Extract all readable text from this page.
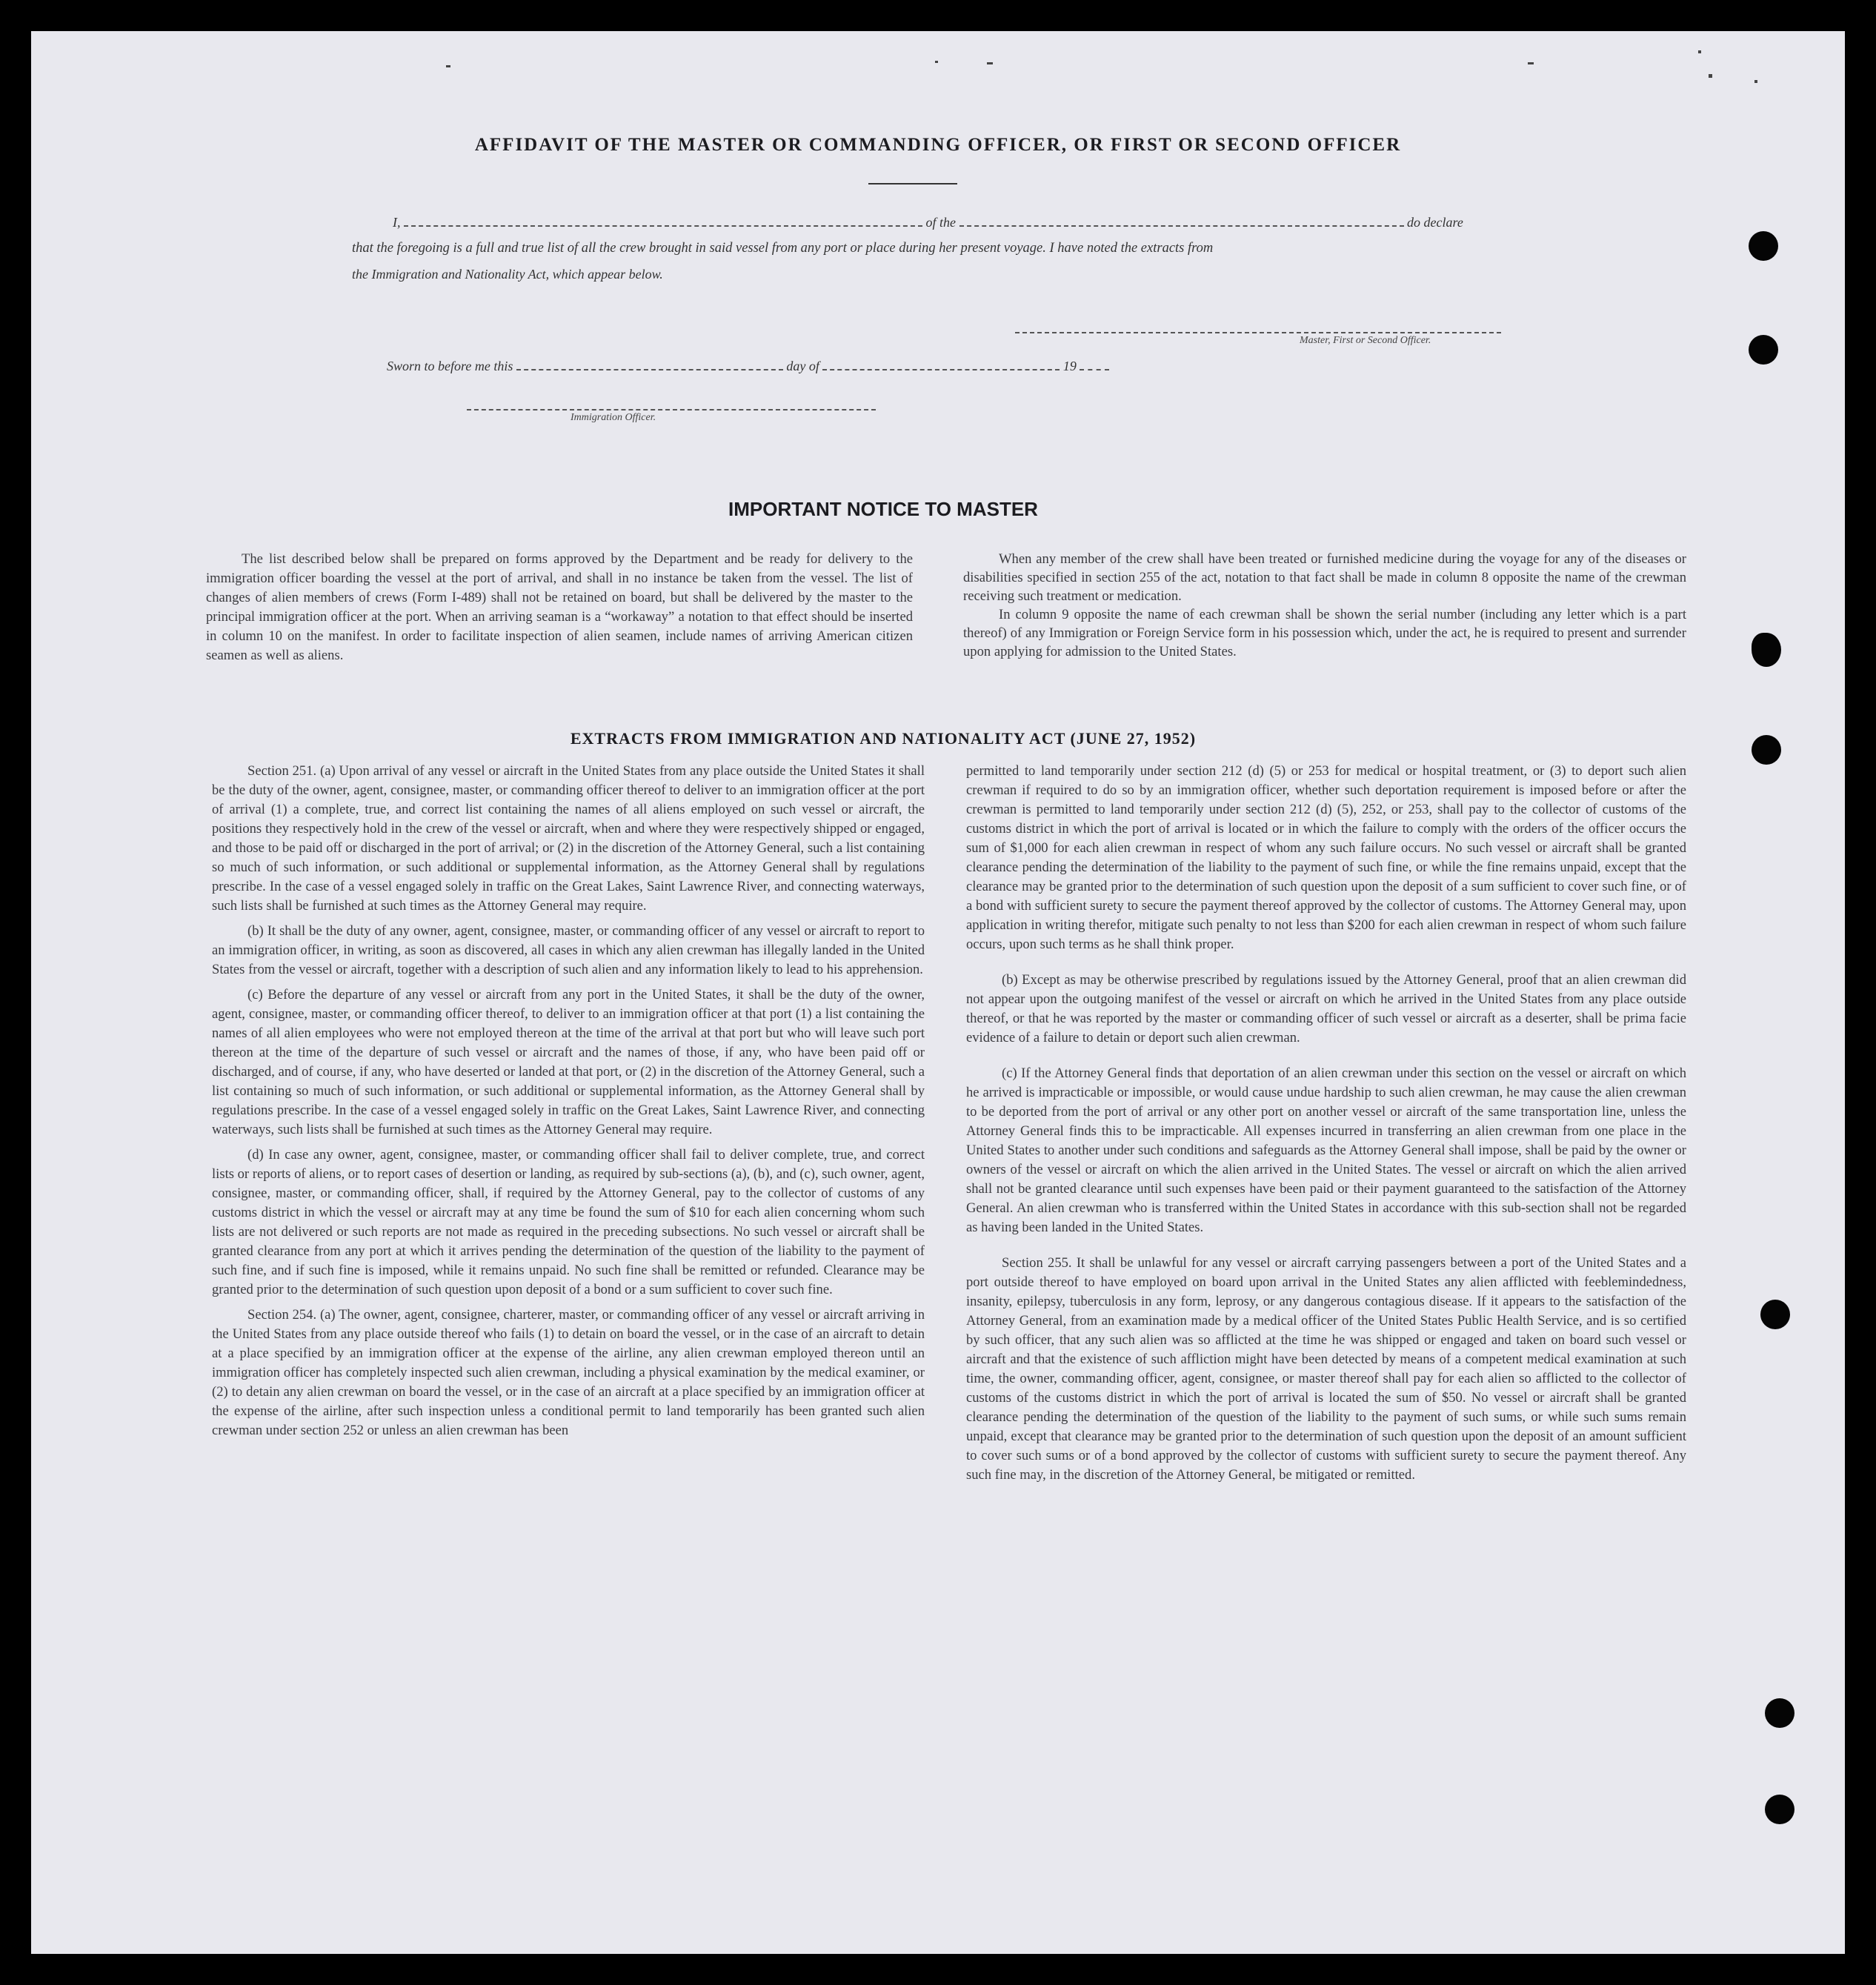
AFFIDAVIT OF THE MASTER OR COMMANDING OFFICER, OR FIRST OR SECOND OFFICER
I,	of the	do declare
that the foregoing is a full and true list of all the crew brought in said vessel from any port or place during her present voyage. I have noted the extracts from
the Immigration and Nationality Act, which appear below.
Master, First or Second Officer.
Sworn to before me this	day of	19
Immigration Officer.
IMPORTANT NOTICE TO MASTER

The list described below shall be prepared on forms approved by the Department and be ready for delivery to the immigration officer boarding the vessel at the port of arrival, and shall in no instance be taken from the vessel. The list of changes of alien members of crews (Form I-489) shall not be retained on board, but shall be delivered by the master to the principal immigration officer at the port. When an arriving seaman is a “workaway” a notation to that effect should be inserted in column 10 on the manifest. In order to facilitate inspection of alien seamen, include names of arriving American citizen seamen as well as aliens.

When any member of the crew shall have been treated or furnished medicine during the voyage for any of the diseases or disabilities specified in section 255 of the act, notation to that fact shall be made in column 8 opposite the name of the crewman receiving such treatment or medication.

In column 9 opposite the name of each crewman shall be shown the serial number (including any letter which is a part thereof) of any Immigration or Foreign Service form in his possession which, under the act, he is required to present and surrender upon applying for admission to the United States.

EXTRACTS FROM IMMIGRATION AND NATIONALITY ACT (JUNE 27, 1952)

Section 251. (a) Upon arrival of any vessel or aircraft in the United States from any place outside the United States it shall be the duty of the owner, agent, consignee, master, or commanding officer thereof to deliver to an immigration officer at the port of arrival (1) a complete, true, and correct list containing the names of all aliens employed on such vessel or aircraft, the positions they respectively hold in the crew of the vessel or aircraft, when and where they were respectively shipped or engaged, and those to be paid off or discharged in the port of arrival; or (2) in the discretion of the Attorney General, such a list containing so much of such information, or such additional or supplemental information, as the Attorney General shall by regulations prescribe. In the case of a vessel engaged solely in traffic on the Great Lakes, Saint Lawrence River, and connecting waterways, such lists shall be furnished at such times as the Attorney General may require.

(b) It shall be the duty of any owner, agent, consignee, master, or commanding officer of any vessel or aircraft to report to an immigration officer, in writing, as soon as discovered, all cases in which any alien crewman has illegally landed in the United States from the vessel or aircraft, together with a description of such alien and any information likely to lead to his apprehension.

(c) Before the departure of any vessel or aircraft from any port in the United States, it shall be the duty of the owner, agent, consignee, master, or commanding officer thereof, to deliver to an immigration officer at that port (1) a list containing the names of all alien employees who were not employed thereon at the time of the arrival at that port but who will leave such port thereon at the time of the departure of such vessel or aircraft and the names of those, if any, who have been paid off or discharged, and of course, if any, who have deserted or landed at that port, or (2) in the discretion of the Attorney General, such a list containing so much of such information, or such additional or supplemental information, as the Attorney General shall by regulations prescribe. In the case of a vessel engaged solely in traffic on the Great Lakes, Saint Lawrence River, and connecting waterways, such lists shall be furnished at such times as the Attorney General may require.

(d) In case any owner, agent, consignee, master, or commanding officer shall fail to deliver complete, true, and correct lists or reports of aliens, or to report cases of desertion or landing, as required by sub-sections (a), (b), and (c), such owner, agent, consignee, master, or commanding officer, shall, if required by the Attorney General, pay to the collector of customs of any customs district in which the vessel or aircraft may at any time be found the sum of $10 for each alien concerning whom such lists are not delivered or such reports are not made as required in the preceding subsections. No such vessel or aircraft shall be granted clearance from any port at which it arrives pending the determination of the question of the liability to the payment of such fine, and if such fine is imposed, while it remains unpaid. No such fine shall be remitted or refunded. Clearance may be granted prior to the determination of such question upon deposit of a bond or a sum sufficient to cover such fine.

Section 254. (a) The owner, agent, consignee, charterer, master, or commanding officer of any vessel or aircraft arriving in the United States from any place outside thereof who fails (1) to detain on board the vessel, or in the case of an aircraft to detain at a place specified by an immigration officer at the expense of the airline, any alien crewman employed thereon until an immigration officer has completely inspected such alien crewman, including a physical examination by the medical examiner, or (2) to detain any alien crewman on board the vessel, or in the case of an aircraft at a place specified by an immigration officer at the expense of the airline, after such inspection unless a conditional permit to land temporarily has been granted such alien crewman under section 252 or unless an alien crewman has been

permitted to land temporarily under section 212 (d) (5) or 253 for medical or hospital treatment, or (3) to deport such alien crewman if required to do so by an immigration officer, whether such deportation requirement is imposed before or after the crewman is permitted to land temporarily under section 212 (d) (5), 252, or 253, shall pay to the collector of customs of the customs district in which the port of arrival is located or in which the failure to comply with the orders of the officer occurs the sum of $1,000 for each alien crewman in respect of whom any such failure occurs. No such vessel or aircraft shall be granted clearance pending the determination of the liability to the payment of such fine, or while the fine remains unpaid, except that the clearance may be granted prior to the determination of such question upon the deposit of a sum sufficient to cover such fine, or of a bond with sufficient surety to secure the payment thereof approved by the collector of customs. The Attorney General may, upon application in writing therefor, mitigate such penalty to not less than $200 for each alien crewman in respect of whom such failure occurs, upon such terms as he shall think proper.

(b) Except as may be otherwise prescribed by regulations issued by the Attorney General, proof that an alien crewman did not appear upon the outgoing manifest of the vessel or aircraft on which he arrived in the United States from any place outside thereof, or that he was reported by the master or commanding officer of such vessel or aircraft as a deserter, shall be prima facie evidence of a failure to detain or deport such alien crewman.

(c) If the Attorney General finds that deportation of an alien crewman under this section on the vessel or aircraft on which he arrived is impracticable or impossible, or would cause undue hardship to such alien crewman, he may cause the alien crewman to be deported from the port of arrival or any other port on another vessel or aircraft of the same transportation line, unless the Attorney General finds this to be impracticable. All expenses incurred in transferring an alien crewman from one place in the United States to another under such conditions and safeguards as the Attorney General shall impose, shall be paid by the owner or owners of the vessel or aircraft on which the alien arrived in the United States. The vessel or aircraft on which the alien arrived shall not be granted clearance until such expenses have been paid or their payment guaranteed to the satisfaction of the Attorney General. An alien crewman who is transferred within the United States in accordance with this sub-section shall not be regarded as having been landed in the United States.

Section 255. It shall be unlawful for any vessel or aircraft carrying passengers between a port of the United States and a port outside thereof to have employed on board upon arrival in the United States any alien afflicted with feeblemindedness, insanity, epilepsy, tuberculosis in any form, leprosy, or any dangerous contagious disease. If it appears to the satisfaction of the Attorney General, from an examination made by a medical officer of the United States Public Health Service, and is so certified by such officer, that any such alien was so afflicted at the time he was shipped or engaged and taken on board such vessel or aircraft and that the existence of such affliction might have been detected by means of a competent medical examination at such time, the owner, commanding officer, agent, consignee, or master thereof shall pay for each alien so afflicted to the collector of customs of the customs district in which the port of arrival is located the sum of $50. No vessel or aircraft shall be granted clearance pending the determination of the question of the liability to the payment of such sums, or while such sums remain unpaid, except that clearance may be granted prior to the determination of such question upon the deposit of an amount sufficient to cover such sums or of a bond approved by the collector of customs with sufficient surety to secure the payment thereof. Any such fine may, in the discretion of the Attorney General, be mitigated or remitted.
